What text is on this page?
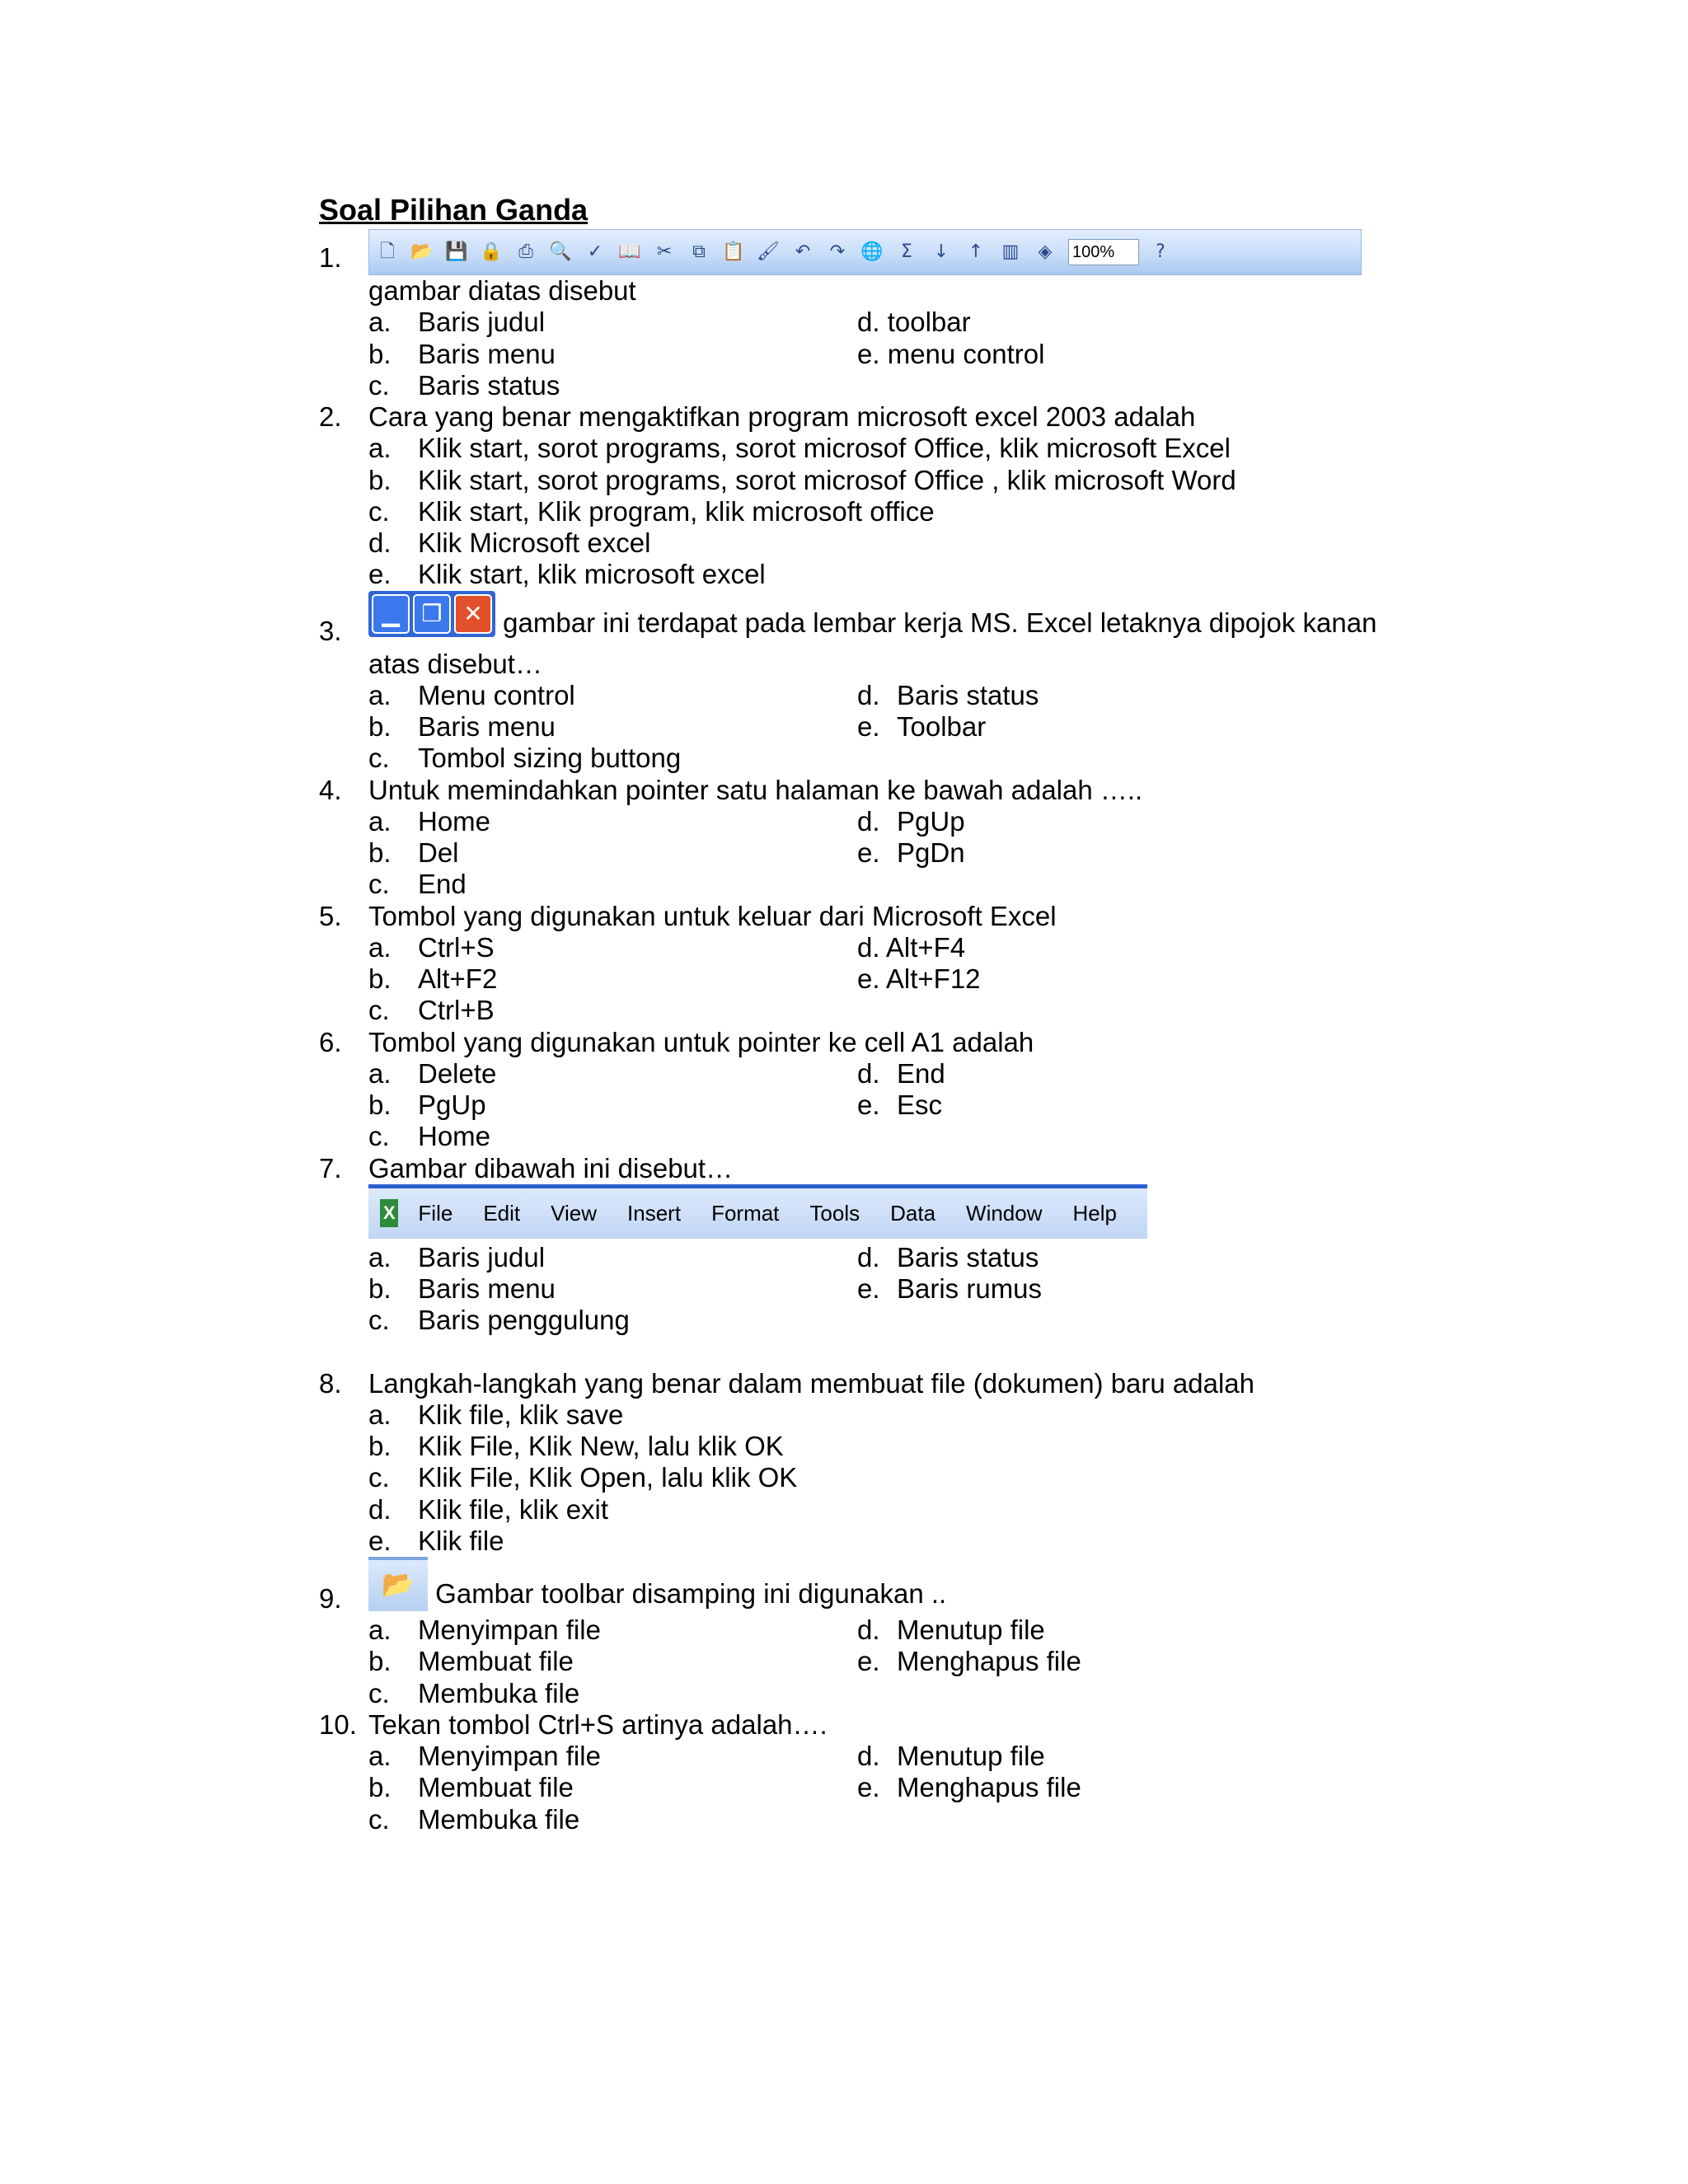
Soal Pilihan Ganda
1. 🗋 📂 💾 🔒 ⎙ 🔍 ✓ 📖 ✂ ⧉ 📋 🖌 ↶ ↷ 🌐 Σ	↓ ↑ ▥ ◈ 100%	?
gambar diatas disebut
a. Baris judul	d. toolbar
b. Baris menu	e. menu control
c. Baris status
2. Cara yang benar mengaktifkan program microsoft excel 2003 adalah
a. Klik start, sorot programs, sorot microsof Office, klik microsoft Excel
b. Klik start, sorot programs, sorot microsof Office , klik microsoft Word
c. Klik start, Klik program, klik microsoft office
d. Klik Microsoft excel
e. Klik start, klik microsoft excel
3.
▁ ❐ ✕ gambar ini terdapat pada lembar kerja MS. Excel letaknya dipojok kanan
atas disebut…
a. Menu control	d. Baris status
b. Baris menu	e. Toolbar
c. Tombol sizing buttong
4. Untuk memindahkan pointer satu halaman ke bawah adalah …..
a. Home	d. PgUp
b. Del	e. PgDn
c. End
5. Tombol yang digunakan untuk keluar dari Microsoft Excel
a. Ctrl+S	d. Alt+F4
b. Alt+F2	e. Alt+F12
c. Ctrl+B
6. Tombol yang digunakan untuk pointer ke cell A1 adalah
a. Delete	d. End
b. PgUp	e. Esc
c. Home
7. Gambar dibawah ini disebut…
X File Edit View Insert Format Tools Data Window Help
a. Baris judul	d. Baris status
b. Baris menu	e. Baris rumus
c. Baris penggulung
8. Langkah-langkah yang benar dalam membuat file (dokumen) baru adalah
a. Klik file, klik save
b. Klik File, Klik New, lalu klik OK
c. Klik File, Klik Open, lalu klik OK
d. Klik file, klik exit
e. Klik file
9.	📂 Gambar toolbar disamping ini digunakan ..
a. Menyimpan file	d. Menutup file
b. Membuat file	e. Menghapus file
c. Membuka file
10. Tekan tombol Ctrl+S artinya adalah….
a. Menyimpan file	d. Menutup file
b. Membuat file	e. Menghapus file
c. Membuka file
